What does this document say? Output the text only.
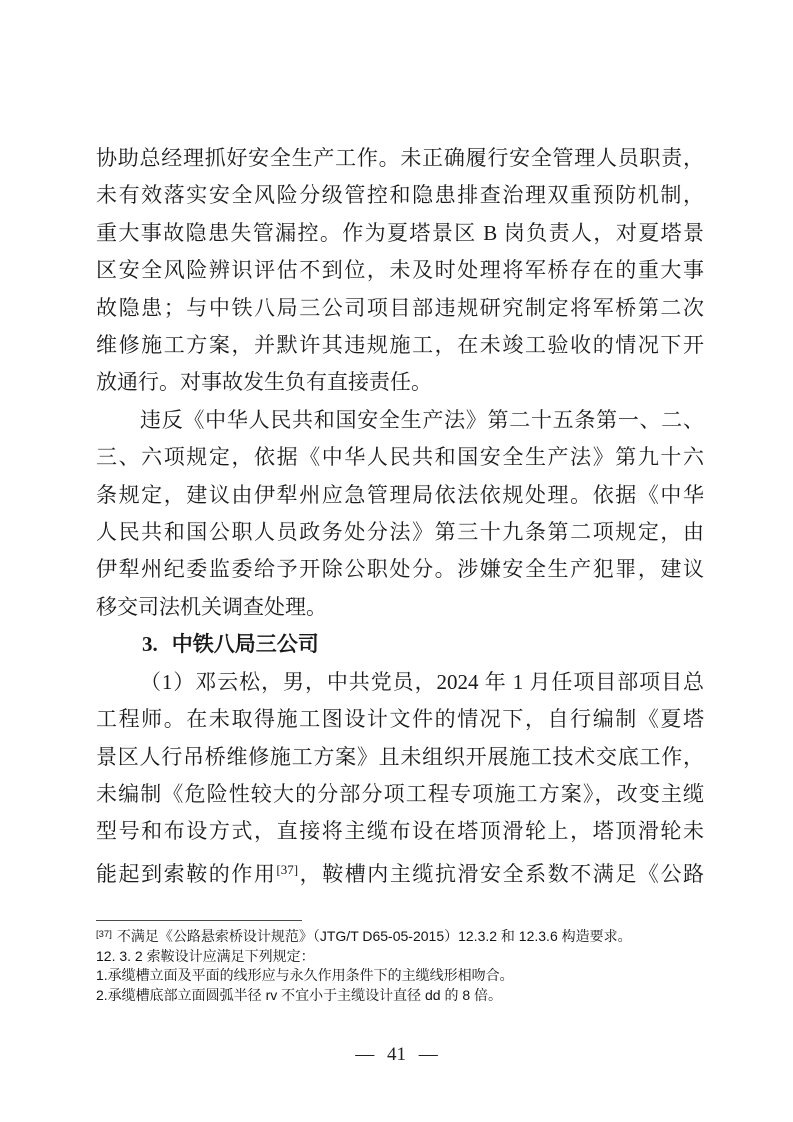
协助总经理抓好安全生产工作。未正确履行安全管理人员职责，
未有效落实安全风险分级管控和隐患排查治理双重预防机制，
重大事故隐患失管漏控。作为夏塔景区 B 岗负责人，对夏塔景
区安全风险辨识评估不到位，未及时处理将军桥存在的重大事
故隐患；与中铁八局三公司项目部违规研究制定将军桥第二次
维修施工方案，并默许其违规施工，在未竣工验收的情况下开
放通行。对事故发生负有直接责任。
违反《中华人民共和国安全生产法》第二十五条第一、二、
三、六项规定，依据《中华人民共和国安全生产法》第九十六
条规定，建议由伊犁州应急管理局依法依规处理。依据《中华
人民共和国公职人员政务处分法》第三十九条第二项规定，由
伊犁州纪委监委给予开除公职处分。涉嫌安全生产犯罪，建议
移交司法机关调查处理。
3. 中铁八局三公司
（1）邓云松，男，中共党员，2024 年 1 月任项目部项目总
工程师。在未取得施工图设计文件的情况下，自行编制《夏塔
景区人行吊桥维修施工方案》且未组织开展施工技术交底工作，
未编制《危险性较大的分部分项工程专项施工方案》，改变主缆
型号和布设方式，直接将主缆布设在塔顶滑轮上，塔顶滑轮未
能起到索鞍的作用[37]，鞍槽内主缆抗滑安全系数不满足《公路
[37] 不满足《公路悬索桥设计规范》（JTG/T D65-05-2015）12.3.2 和 12.3.6 构造要求。
12. 3. 2 索鞍设计应满足下列规定：
1.承缆槽立面及平面的线形应与永久作用条件下的主缆线形相吻合。
2.承缆槽底部立面圆弧半径 rv 不宜小于主缆设计直径 dd 的 8 倍。
— 41 —
